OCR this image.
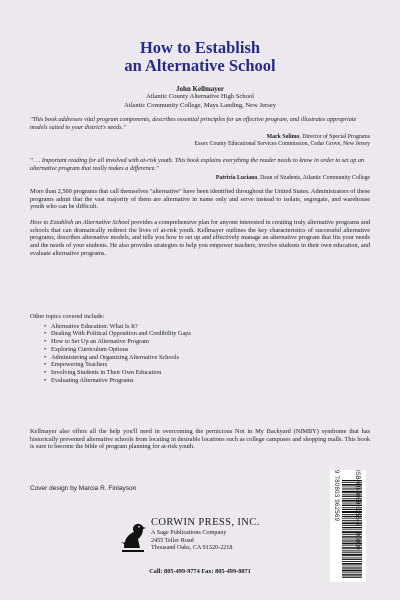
How to Establish
an Alternative School
John Kellmayer
Atlantic County Alternative High School
Atlantic Community College, Mays Landing, New Jersey
"This book addresses vital program components, describes essential principles for an effective program, and illustrates appropriate models suited to your district's needs."
Mark Solimo, Director of Special Programs
Essex County Educational Services Commission, Cedar Grove, New Jersey
". . . Important reading for all involved with at-risk youth. This book explains everything the reader needs to know in order to set up an alternative program that really makes a difference."
Patricia Luciano, Dean of Students, Atlantic Community College
More than 2,500 programs that call themselves "alternative" have been identified throughout the United States. Administrators of these programs admit that the vast majority of them are alternative in name only and serve instead to isolate, segregate, and warehouse youth who can be difficult.
How to Establish an Alternative School provides a comprehensive plan for anyone interested in creating truly alternative programs and schools that can dramatically redirect the lives of at-risk youth. Kellmayer outlines the key characteristics of successful alternative programs, describes alternative models, and tells you how to set up and effectively manage an alternative program that fits your needs and the needs of your students. He also provides strategies to help you empower teachers, involve students in their own education, and evaluate alternative programs.
Other topics covered include:
• Alternative Education: What Is It?
• Dealing With Political Opposition and Credibility Gaps
• How to Set Up an Alternative Program
• Exploring Curriculum Options
• Administering and Organizing Alternative Schools
• Empowering Teachers
• Involving Students in Their Own Education
• Evaluating Alternative Programs
Kellmayer also offers all the help you'll need in overcoming the pernicious Not in My Backyard (NIMBY) syndrome that has historically prevented alternative schools from locating in desirable locations such as college campuses and shopping malls. This book is sure to become the bible of program planning for at-risk youth.
Cover design by Marcia R. Finlayson	9 780803 962569	ISBN 0-8039-6256-4 90000
CORWIN PRESS, INC.
A Sage Publications Company
2455 Teller Road
Thousand Oaks, CA 91320-2218
Call: 805-499-9774 Fax: 805-499-0871
